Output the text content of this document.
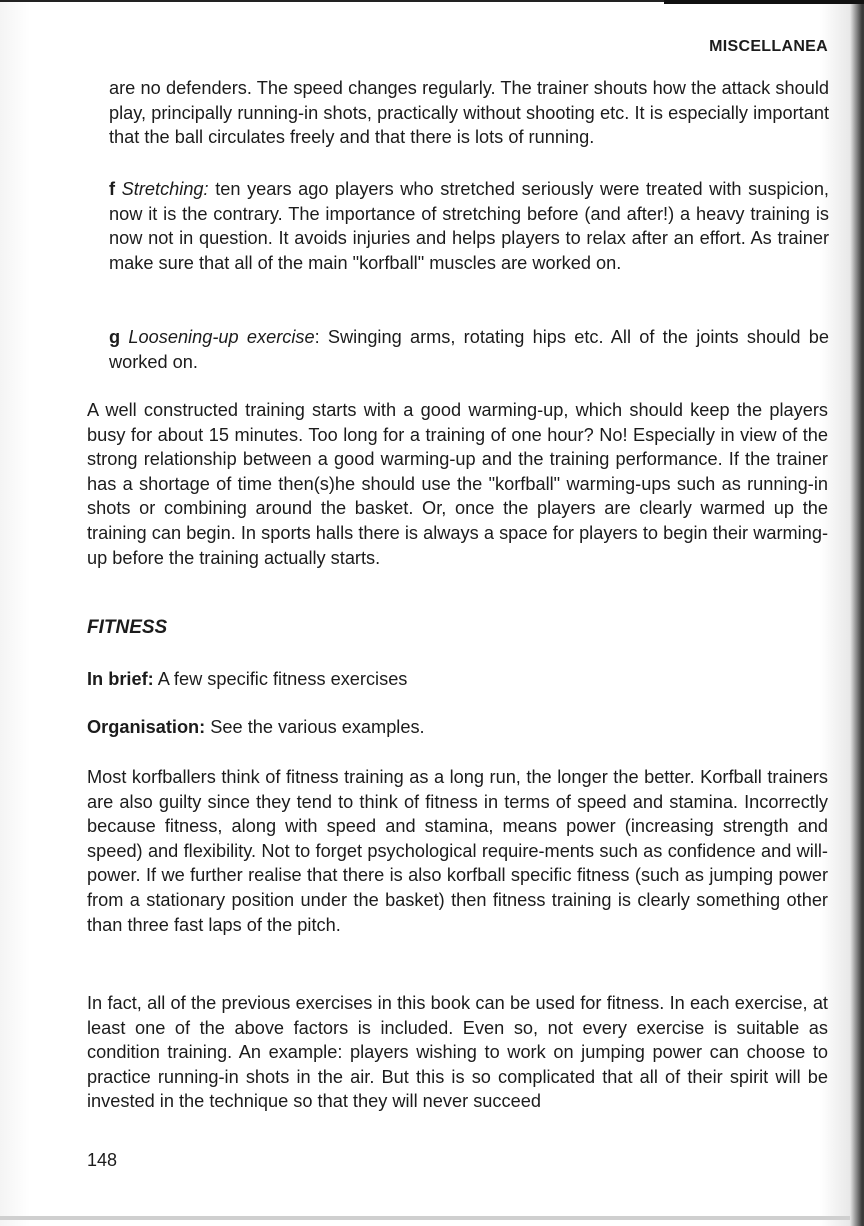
MISCELLANEA

are no defenders. The speed changes regularly. The trainer shouts how the attack should play, principally running-in shots, practically without shooting etc. It is especially important that the ball circulates freely and that there is lots of running.

f Stretching: ten years ago players who stretched seriously were treated with suspicion, now it is the contrary. The importance of stretching before (and after!) a heavy training is now not in question. It avoids injuries and helps players to relax after an effort. As trainer make sure that all of the main "korfball" muscles are worked on.

g Loosening-up exercise: Swinging arms, rotating hips etc. All of the joints should be worked on.

A well constructed training starts with a good warming-up, which should keep the players busy for about 15 minutes. Too long for a training of one hour? No! Especially in view of the strong relationship between a good warming-up and the training performance. If the trainer has a shortage of time then(s)he should use the "korfball" warming-ups such as running-in shots or combining around the basket. Or, once the players are clearly warmed up the training can begin. In sports halls there is always a space for players to begin their warming-up before the training actually starts.

FITNESS

In brief: A few specific fitness exercises

Organisation: See the various examples.

Most korfballers think of fitness training as a long run, the longer the better. Korfball trainers are also guilty since they tend to think of fitness in terms of speed and stamina. Incorrectly because fitness, along with speed and stamina, means power (increasing strength and speed) and flexibility. Not to forget psychological require-ments such as confidence and will-power. If we further realise that there is also korfball specific fitness (such as jumping power from a stationary position under the basket) then fitness training is clearly something other than three fast laps of the pitch.

In fact, all of the previous exercises in this book can be used for fitness. In each exercise, at least one of the above factors is included. Even so, not every exercise is suitable as condition training. An example: players wishing to work on jumping power can choose to practice running-in shots in the air. But this is so complicated that all of their spirit will be invested in the technique so that they will never succeed

148
